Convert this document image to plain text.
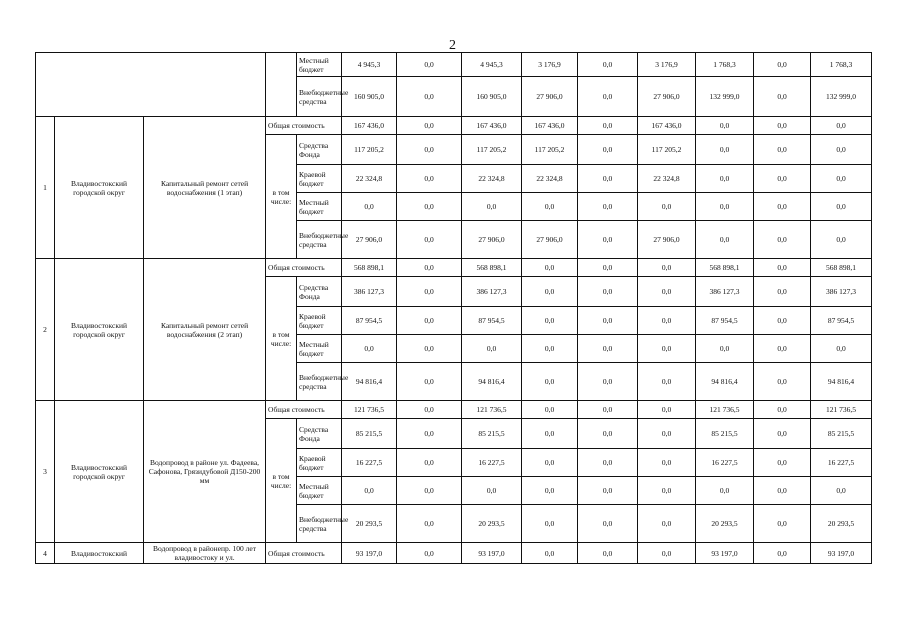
2
				Местный бюджет	4 945,3	0,0	4 945,3	3 176,9	0,0	3 176,9	1 768,3	0,0	1 768,3
				Внебюджетные средства	160 905,0	0,0	160 905,0	27 906,0	0,0	27 906,0	132 999,0	0,0	132 999,0
1	Владивостокский городской округ	Капитальный ремонт сетей водоснабжения (1 этап)	Общая стоимость		167 436,0	0,0	167 436,0	167 436,0	0,0	167 436,0	0,0	0,0	0,0
			в том числе:	Средства Фонда	117 205,2	0,0	117 205,2	117 205,2	0,0	117 205,2	0,0	0,0	0,0
				Краевой бюджет	22 324,8	0,0	22 324,8	22 324,8	0,0	22 324,8	0,0	0,0	0,0
				Местный бюджет	0,0	0,0	0,0	0,0	0,0	0,0	0,0	0,0	0,0
				Внебюджетные средства	27 906,0	0,0	27 906,0	27 906,0	0,0	27 906,0	0,0	0,0	0,0
2	Владивостокский городской округ	Капитальный ремонт сетей водоснабжения (2 этап)	Общая стоимость		568 898,1	0,0	568 898,1	0,0	0,0	0,0	568 898,1	0,0	568 898,1
			в том числе:	Средства Фонда	386 127,3	0,0	386 127,3	0,0	0,0	0,0	386 127,3	0,0	386 127,3
				Краевой бюджет	87 954,5	0,0	87 954,5	0,0	0,0	0,0	87 954,5	0,0	87 954,5
				Местный бюджет	0,0	0,0	0,0	0,0	0,0	0,0	0,0	0,0	0,0
				Внебюджетные средства	94 816,4	0,0	94 816,4	0,0	0,0	0,0	94 816,4	0,0	94 816,4
3	Владивостокский городской округ	Водопровод в районе ул. Фадеева, Сафонова, Грязидубовой Д150-200 мм	Общая стоимость		121 736,5	0,0	121 736,5	0,0	0,0	0,0	121 736,5	0,0	121 736,5
			в том числе:	Средства Фонда	85 215,5	0,0	85 215,5	0,0	0,0	0,0	85 215,5	0,0	85 215,5
				Краевой бюджет	16 227,5	0,0	16 227,5	0,0	0,0	0,0	16 227,5	0,0	16 227,5
				Местный бюджет	0,0	0,0	0,0	0,0	0,0	0,0	0,0	0,0	0,0
				Внебюджетные средства	20 293,5	0,0	20 293,5	0,0	0,0	0,0	20 293,5	0,0	20 293,5
4	Владивостокский	Водопровод в районепр. 100 лет владивостоку и ул.	Общая стоимость		93 197,0	0,0	93 197,0	0,0	0,0	0,0	93 197,0	0,0	93 197,0
